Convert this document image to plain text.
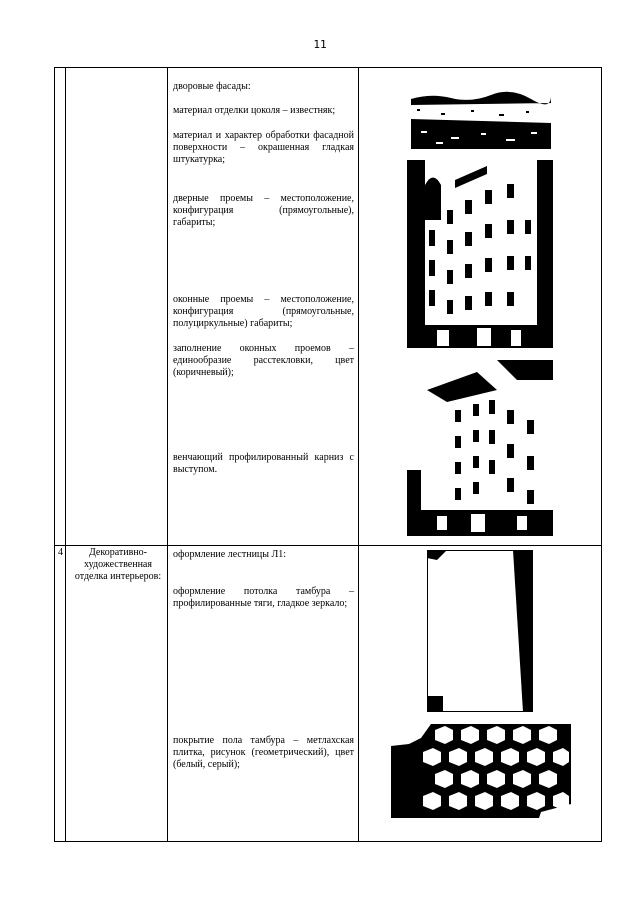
11
дворовые фасады:
материал отделки цоколя – известняк;
материал и характер обработки фасадной поверхности – окрашенная гладкая штукатурка;
дверные проемы – местоположение, конфигурация (прямоугольные), габариты;
оконные проемы – местоположение, конфигурация (прямоугольные, полуциркульные) габариты;
заполнение оконных проемов – единообразие расстекловки, цвет (коричневый);
венчающий профилированный карниз с выступом.
4	Декоративно-художественная отделка интерьеров:
оформление лестницы Л1:
оформление потолка тамбура – профилированные тяги, гладкое зеркало;
покрытие пола тамбура – метлахская плитка, рисунок (геометрический), цвет (белый, серый);
